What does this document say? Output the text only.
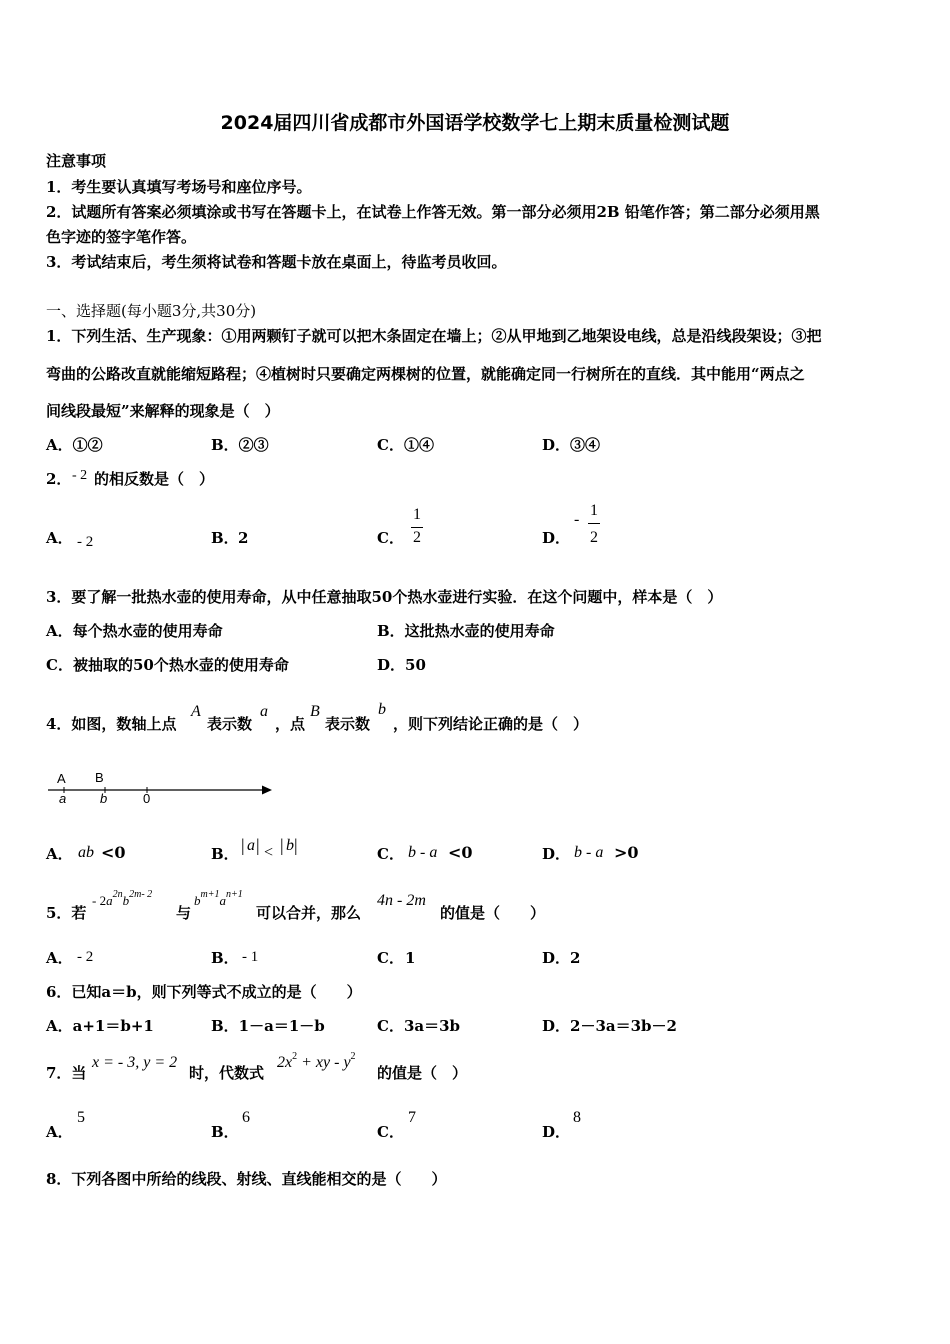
2024届四川省成都市外国语学校数学七上期末质量检测试题
注意事项
1．考生要认真填写考场号和座位序号。
2．试题所有答案必须填涂或书写在答题卡上，在试卷上作答无效。第一部分必须用2B 铅笔作答；第二部分必须用黑
色字迹的签字笔作答。
3．考试结束后，考生须将试卷和答题卡放在桌面上，待监考员收回。
一、选择题(每小题3分,共30分)
1．下列生活、生产现象：①用两颗钉子就可以把木条固定在墙上；②从甲地到乙地架设电线，总是沿线段架设；③把
弯曲的公路改直就能缩短路程；④植树时只要确定两棵树的位置，就能确定同一行树所在的直线．其中能用“两点之
间线段最短”来解释的现象是（　）
A．①②	B．②③	C．①④	D．③④
2． - 2 的相反数是（　）
A． - 2	B． 2	C．
1
2	D．
-
1
2
3．要了解一批热水壶的使用寿命，从中任意抽取50个热水壶进行实验．在这个问题中，样本是（　）
A．每个热水壶的使用寿命	B．这批热水壶的使用寿命
C．被抽取的50个热水壶的使用寿命	D．50
4．如图，数轴上点
A
表示数
a
，点
B
表示数
b
，则下列结论正确的是（　）
A B
a	b	0
A． ab <0	B． | a | < | b |	C． b - a <0	D． b - a >0
5．若
- $2a^{2n}b^{2m- 2}$
与
$b^{m+1}a^{n+1}$
可以合并，那么
4n - 2m
的值是（　　）
A． - 2	B． - 1	C． 1	D． 2
6．已知a＝b，则下列等式不成立的是（　　）
A．a+1＝b+1	B．1－a＝1－b	C．3a＝3b	D．2－3a＝3b－2
7．当
x = - 3, y = 2
时，代数式
$2x^2$ + xy - $y^2$
的值是（　）
A．
5
B．
6
C．
7
D．
8
8．下列各图中所给的线段、射线、直线能相交的是（　　）
